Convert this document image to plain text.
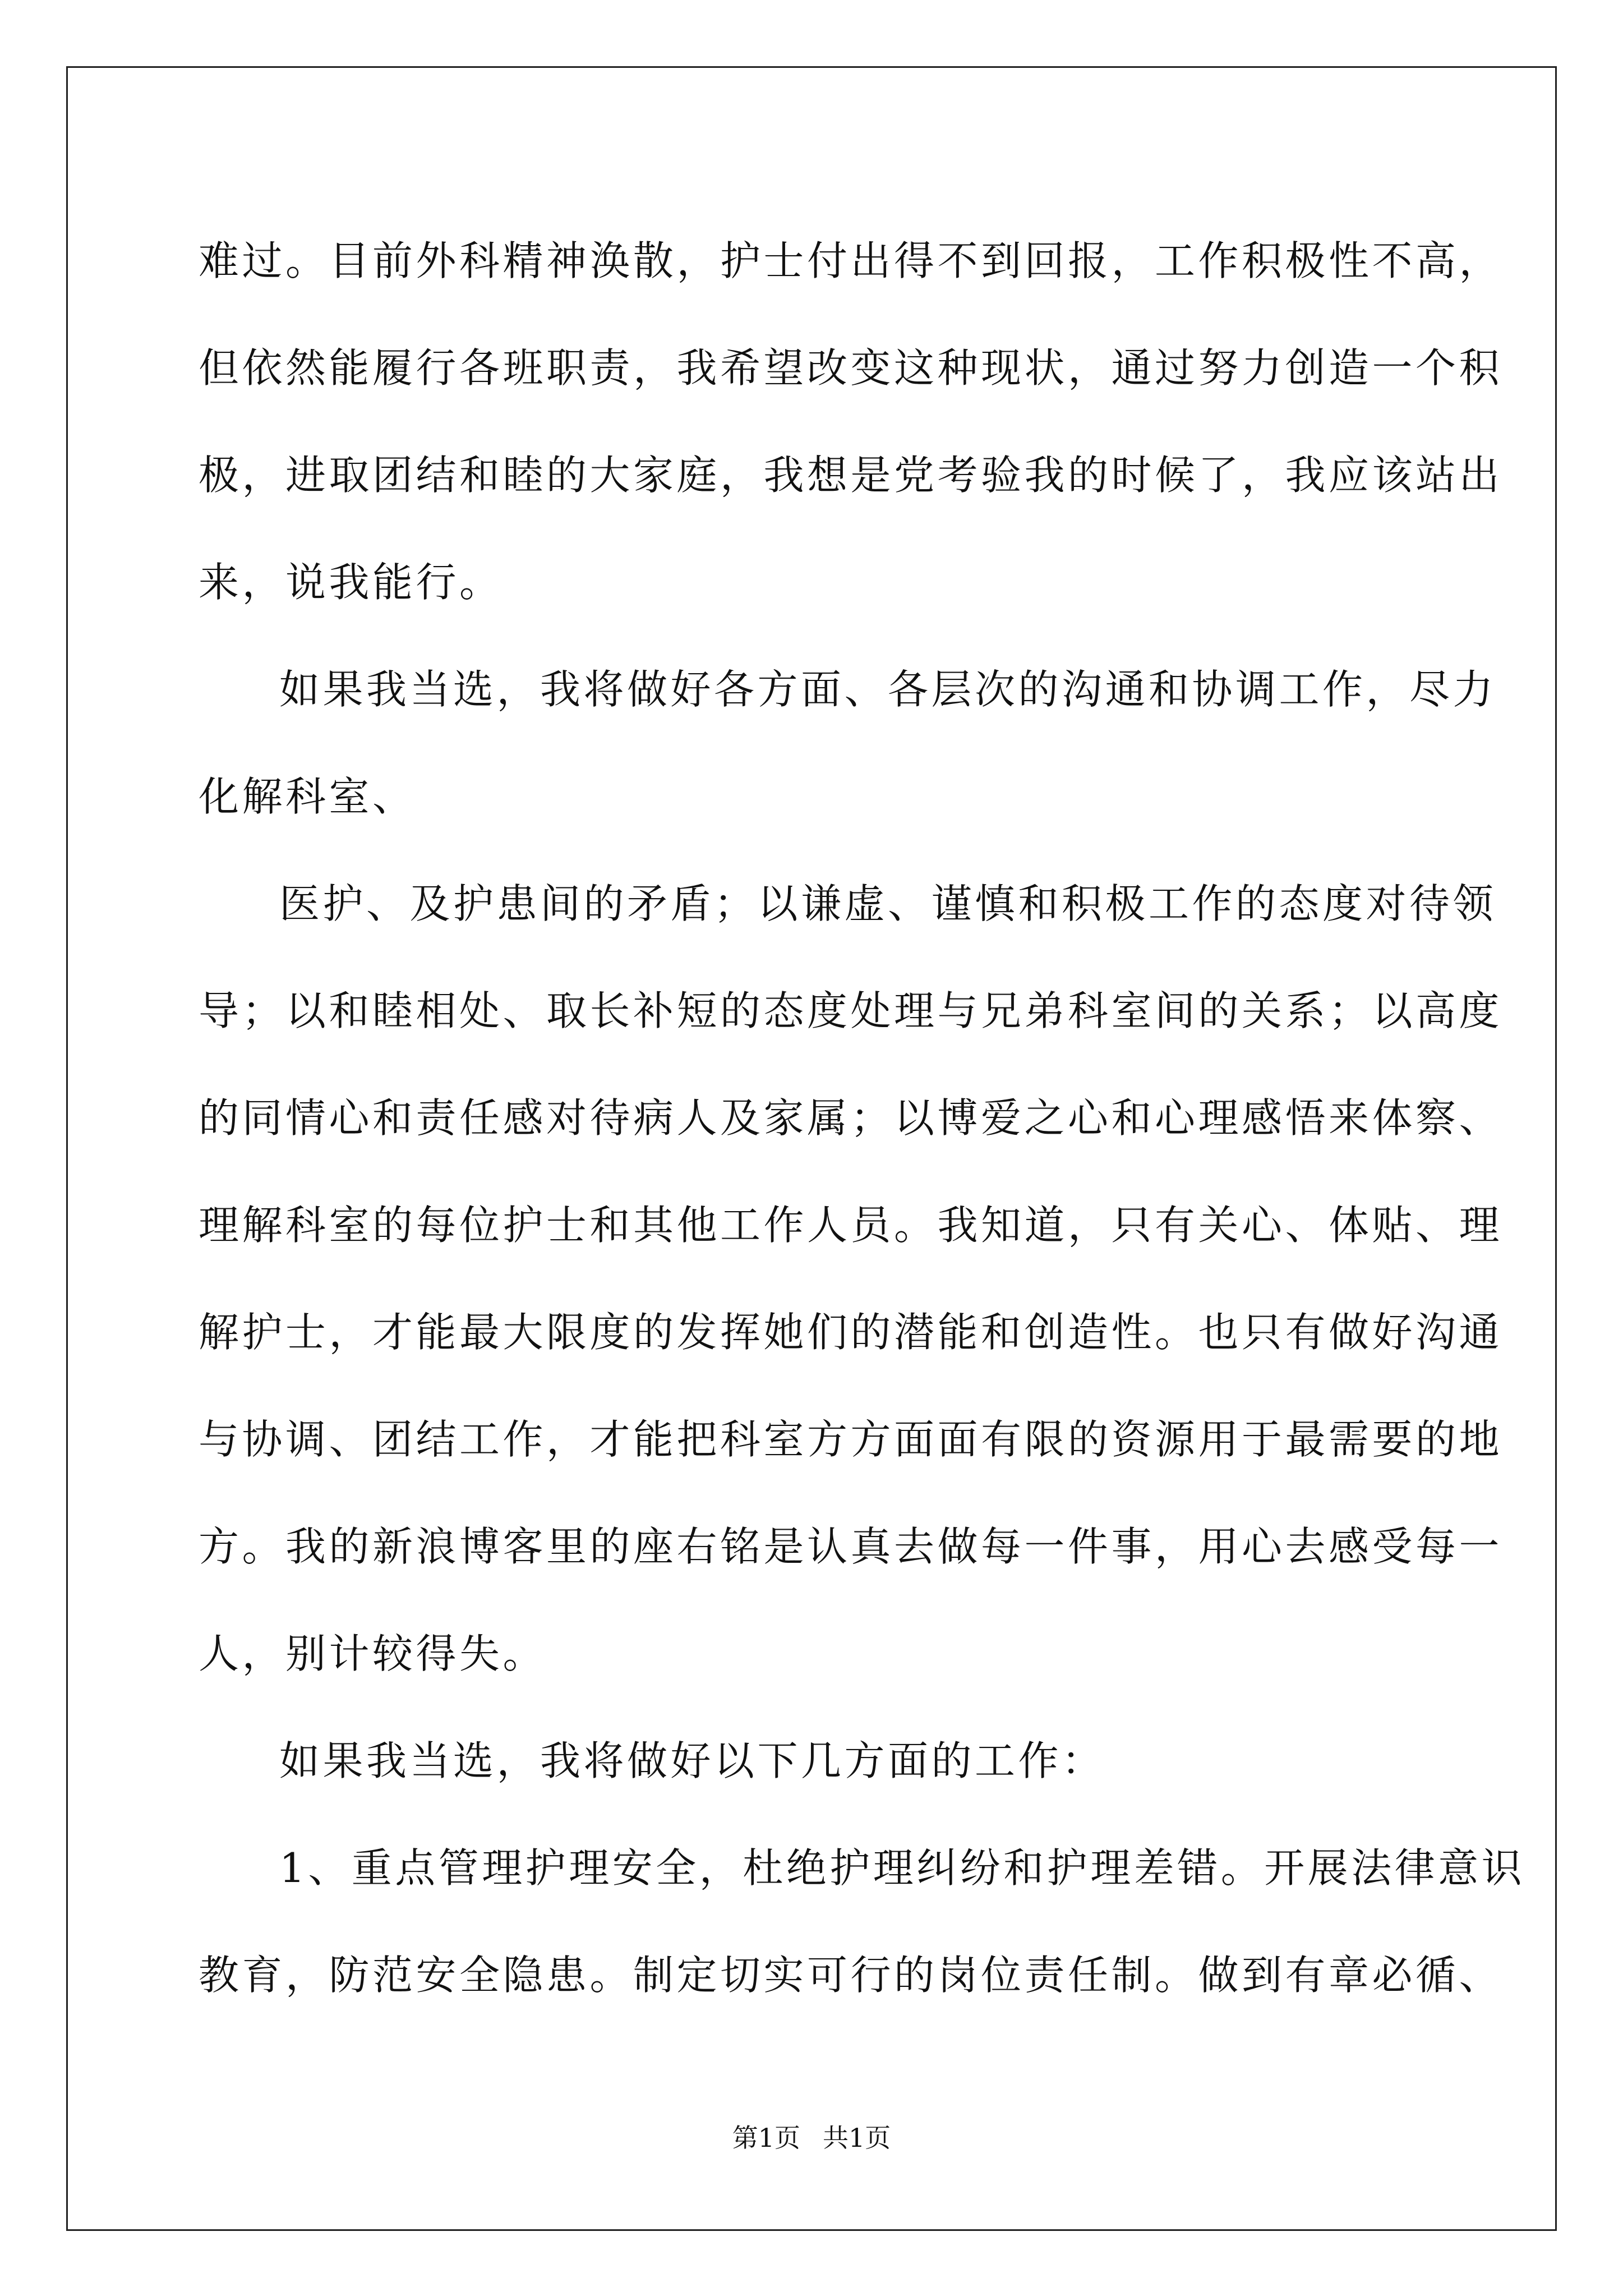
难过。目前外科精神涣散，护士付出得不到回报，工作积极性不高，
但依然能履行各班职责，我希望改变这种现状，通过努力创造一个积
极，进取团结和睦的大家庭，我想是党考验我的时候了，我应该站出
来，说我能行。
如果我当选，我将做好各方面、各层次的沟通和协调工作，尽力
化解科室、
医护、及护患间的矛盾；以谦虚、谨慎和积极工作的态度对待领
导；以和睦相处、取长补短的态度处理与兄弟科室间的关系；以高度
的同情心和责任感对待病人及家属；以博爱之心和心理感悟来体察、
理解科室的每位护士和其他工作人员。我知道，只有关心、体贴、理
解护士，才能最大限度的发挥她们的潜能和创造性。也只有做好沟通
与协调、团结工作，才能把科室方方面面有限的资源用于最需要的地
方。我的新浪博客里的座右铭是认真去做每一件事，用心去感受每一
人，别计较得失。
如果我当选，我将做好以下几方面的工作：
1、重点管理护理安全，杜绝护理纠纷和护理差错。开展法律意识
教育，防范安全隐患。制定切实可行的岗位责任制。做到有章必循、
第1页 共1页
